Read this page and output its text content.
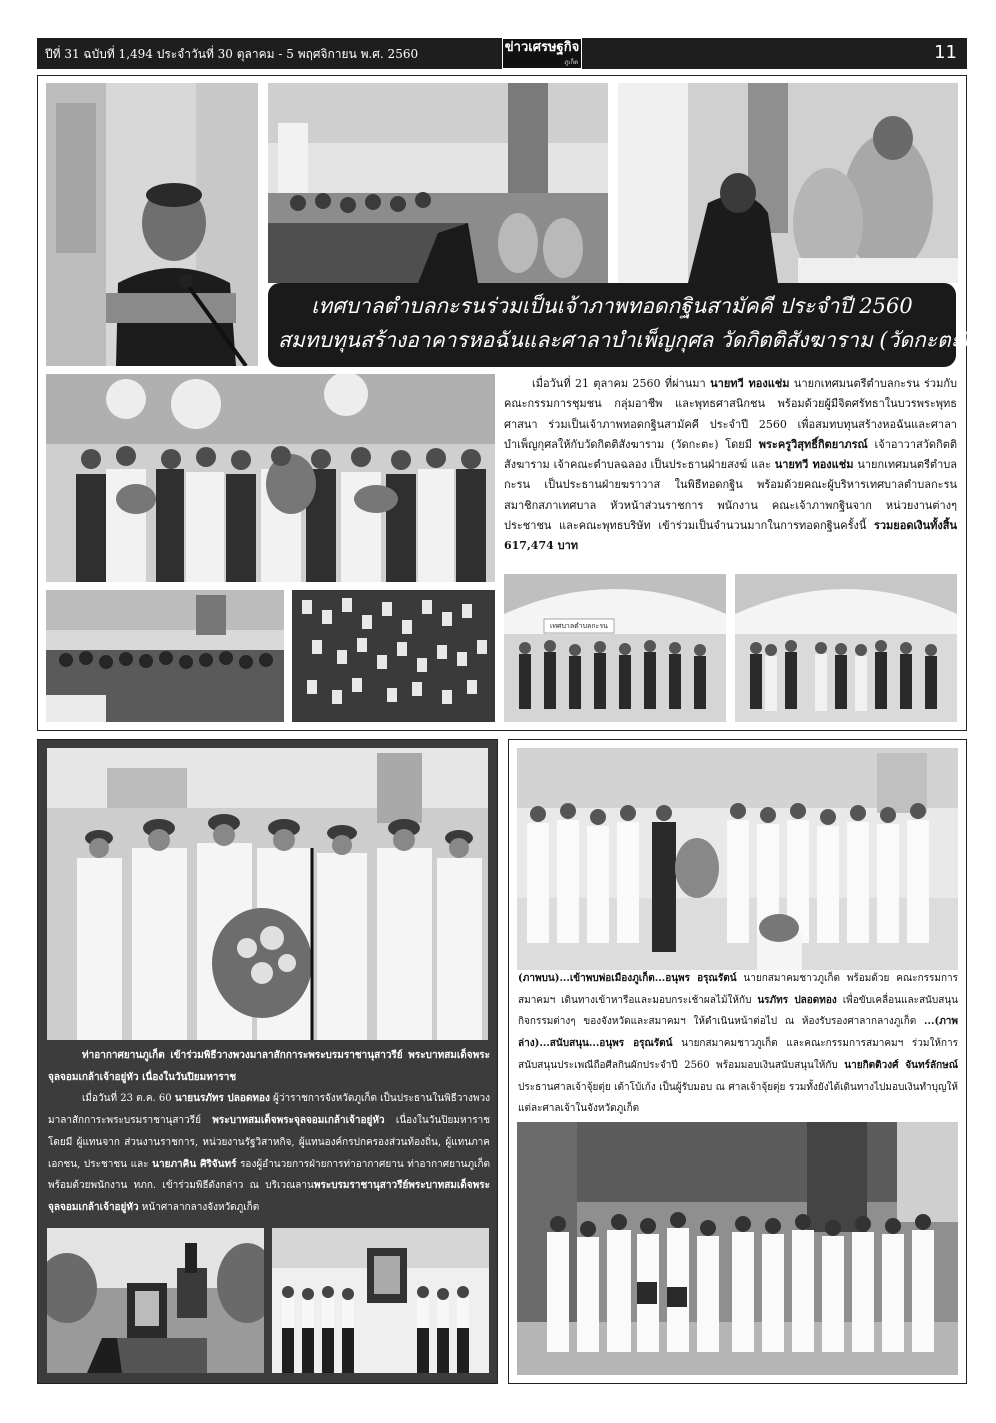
ปีที่ 31 ฉบับที่ 1,494 ประจำวันที่ 30 ตุลาคม - 5 พฤศจิกายน พ.ศ. 2560	ข่าวเศรษฐกิจ
ภูเก็ต	11
เทศบาลตำบลกะรนร่วมเป็นเจ้าภาพทอดกฐินสามัคคี ประจำปี 2560
สมทบทุนสร้างอาคารหอฉันและศาลาบำเพ็ญกุศล วัดกิตติสังฆาราม (วัดกะตะ)
เมื่อวันที่ 21 ตุลาคม 2560 ที่ผ่านมา นายทวี ทองแช่ม นายกเทศมนตรีตำบลกะรน ร่วมกับคณะกรรมการชุมชน กลุ่มอาชีพ และพุทธศาสนิกชน พร้อมด้วยผู้มีจิตศรัทธาในบวรพระพุทธศาสนา ร่วมเป็นเจ้าภาพทอดกฐินสามัคคี ประจำปี 2560 เพื่อสมทบทุนสร้างหอฉันและศาลาบำเพ็ญกุศลให้กับวัดกิตติสังฆาราม (วัดกะตะ) โดยมี พระครูวิสุทธิ์กิตยาภรณ์ เจ้าอาวาสวัดกิตติสังฆาราม เจ้าคณะตำบลฉลอง เป็นประธานฝ่ายสงฆ์ และ นายทวี ทองแช่ม นายกเทศมนตรีตำบลกะรน เป็นประธานฝ่ายฆราวาส ในพิธีทอดกฐิน พร้อมด้วยคณะผู้บริหารเทศบาลตำบลกะรน สมาชิกสภาเทศบาล หัวหน้าส่วนราชการ พนักงาน คณะเจ้าภาพกฐินจาก หน่วยงานต่างๆ ประชาชน และคณะพุทธบริษัท เข้าร่วมเป็นจำนวนมากในการทอดกฐินครั้งนี้ รวมยอดเงินทั้งสิ้น 617,474 บาท
เทศบาลตำบลกะรน
ท่าอากาศยานภูเก็ต เข้าร่วมพิธีวางพวงมาลาสักการะพระบรมราชานุสาวรีย์ พระบาทสมเด็จพระจุลจอมเกล้าเจ้าอยู่หัว เนื่องในวันปิยมหาราช
เมื่อวันที่ 23 ต.ค. 60 นายนรภัทร ปลอดทอง ผู้ว่าราชการจังหวัดภูเก็ต เป็นประธานในพิธีวางพวงมาลาสักการะพระบรมราชานุสาวรีย์ พระบาทสมเด็จพระจุลจอมเกล้าเจ้าอยู่หัว เนื่องในวันปิยมหาราช โดยมี ผู้แทนจาก ส่วนงานราชการ, หน่วยงานรัฐวิสาหกิจ, ผู้แทนองค์กรปกครองส่วนท้องถิ่น, ผู้แทนภาคเอกชน, ประชาชน และ นายภาคิน ศิริจันทร์ รองผู้อำนวยการฝ่ายการท่าอากาศยาน ท่าอากาศยานภูเก็ต พร้อมด้วยพนักงาน ทภก. เข้าร่วมพิธีดังกล่าว ณ บริเวณลานพระบรมราชานุสาวรีย์พระบาทสมเด็จพระจุลจอมเกล้าเจ้าอยู่หัว หน้าศาลากลางจังหวัดภูเก็ต
(ภาพบน)...เข้าพบพ่อเมืองภูเก็ต...อนุพร อรุณรัตน์ นายกสมาคมชาวภูเก็ต พร้อมด้วย คณะกรรมการสมาคมฯ เดินทางเข้าหารือและมอบกระเช้าผลไม้ให้กับ นรภัทร ปลอดทอง เพื่อขับเคลื่อนและสนับสนุนกิจกรรมต่างๆ ของจังหวัดและสมาคมฯ ให้ดำเนินหน้าต่อไป ณ ห้องรับรองศาลากลางภูเก็ต ...(ภาพล่าง)...สนับสนุน...อนุพร อรุณรัตน์ นายกสมาคมชาวภูเก็ต และคณะกรรมการสมาคมฯ ร่วมให้การสนับสนุนประเพณีถือศีลกินผักประจำปี 2560 พร้อมมอบเงินสนับสนุนให้กับ นายกิตติวงศ์ จันทร์ลักษณ์ ประธานศาลเจ้าจุ้ยตุ่ย เต้าโบ้เก้ง เป็นผู้รับมอบ ณ ศาลเจ้าจุ้ยตุ่ย รวมทั้งยังได้เดินทางไปมอบเงินทำบุญให้แต่ละศาลเจ้าในจังหวัดภูเก็ต
